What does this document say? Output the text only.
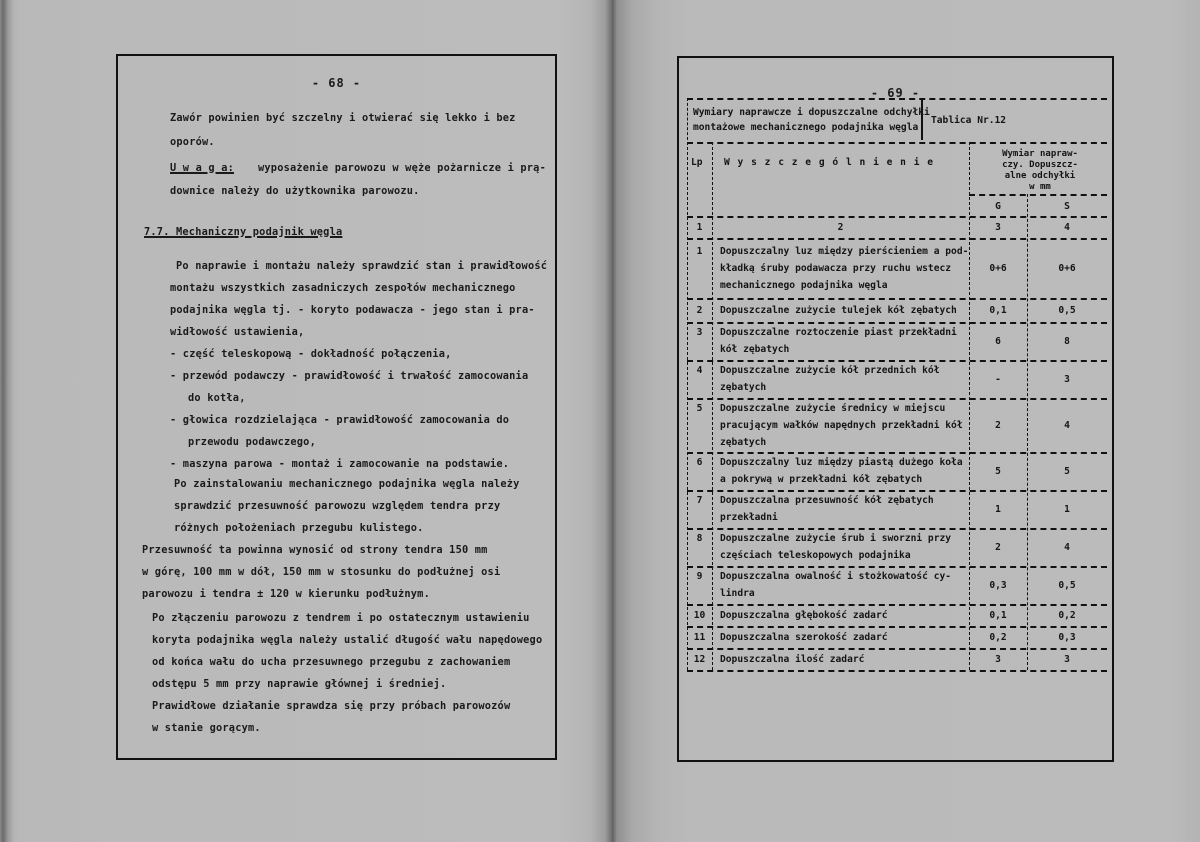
- 68 -
Zawór powinien być szczelny i otwierać się lekko i bez
oporów.
U w a g a: wyposażenie parowozu w węże pożarnicze i prą-
downice należy do użytkownika parowozu.
7.7. Mechaniczny podajnik węgla
Po naprawie i montażu należy sprawdzić stan i prawidłowość
montażu wszystkich zasadniczych zespołów mechanicznego
podajnika węgla tj. - koryto podawacza - jego stan i pra-
widłowość ustawienia,
- część teleskopową - dokładność połączenia,
- przewód podawczy - prawidłowość i trwałość zamocowania
do kotła,
- głowica rozdzielająca - prawidłowość zamocowania do
przewodu podawczego,
- maszyna parowa - montaż i zamocowanie na podstawie.
Po zainstalowaniu mechanicznego podajnika węgla należy
sprawdzić przesuwność parowozu względem tendra przy
różnych położeniach przegubu kulistego.
Przesuwność ta powinna wynosić od strony tendra 150 mm
w górę, 100 mm w dół, 150 mm w stosunku do podłużnej osi
parowozu i tendra ± 120 w kierunku podłużnym.
Po złączeniu parowozu z tendrem i po ostatecznym ustawieniu
koryta podajnika węgla należy ustalić długość wału napędowego
od końca wału do ucha przesuwnego przegubu z zachowaniem
odstępu 5 mm przy naprawie głównej i średniej.
Prawidłowe działanie sprawdza się przy próbach parowozów
w stanie gorącym.
- 69 -
Wymiary naprawcze i dopuszczalne odchyłki
montażowe mechanicznego podajnika węgla
Tablica Nr.12
Lp W y s z c z e g ó l n i e n i e
Wymiar napraw-
czy. Dopuszcz-
alne odchyłki
w mm
G	S
1	2	3	4
1	Dopuszczalny luz między pierścieniem a pod-
kładką śruby podawacza przy ruchu wstecz
mechanicznego podajnika węgla
0+6	0+6
2	Dopuszczalne zużycie tulejek kół zębatych	0,1	0,5
3	Dopuszczalne roztoczenie piast przekładni
kół zębatych
6	8
4	Dopuszczalne zużycie kół przednich kół
zębatych
-	3
5	Dopuszczalne zużycie średnicy w miejscu
pracującym wałków napędnych przekładni kół
zębatych
2	4
6	Dopuszczalny luz między piastą dużego koła
a pokrywą w przekładni kół zębatych
5	5
7	Dopuszczalna przesuwność kół zębatych
przekładni
1	1
8	Dopuszczalne zużycie śrub i sworzni przy
częściach teleskopowych podajnika
2	4
9	Dopuszczalna owalność i stożkowatość cy-
lindra
0,3	0,5
10	Dopuszczalna głębokość zadarć	0,1	0,2
11	Dopuszczalna szerokość zadarć	0,2	0,3
12	Dopuszczalna ilość zadarć	3	3
